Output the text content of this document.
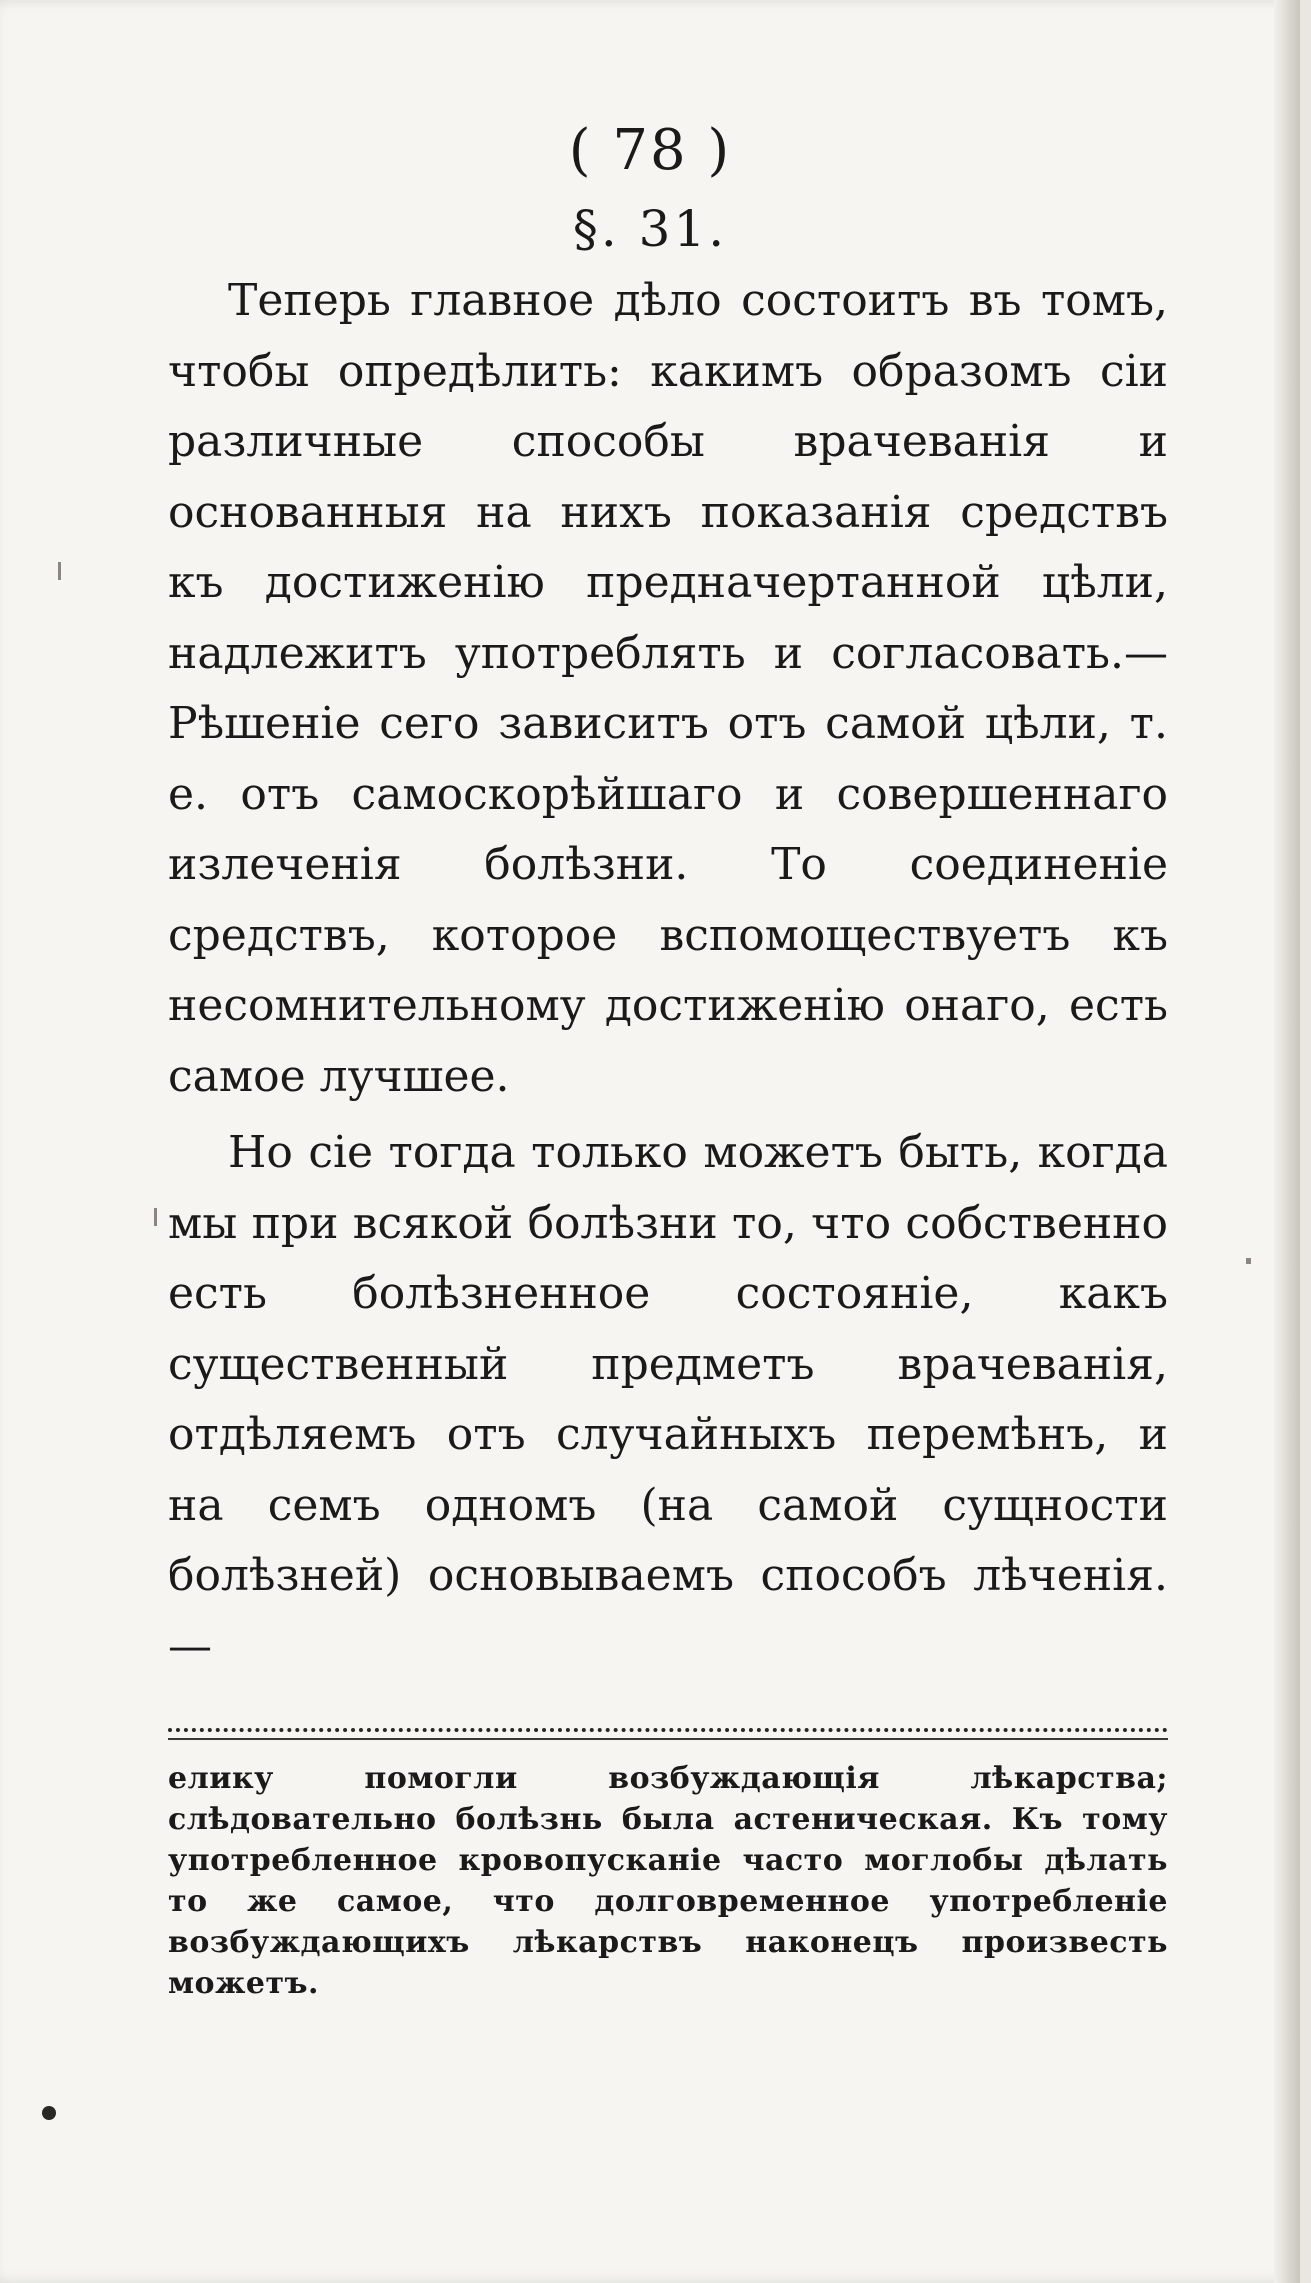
( 78 )
§. 31.

Теперь главное дѣло состоитъ въ томъ, чтобы опредѣлить: какимъ образомъ сіи различные способы врачеванія и основанныя на нихъ показанія средствъ къ достиженію предначертанной цѣли, надлежитъ употреблять и согласовать.—Рѣшеніе сего зависитъ отъ самой цѣли, т. е. отъ самоскорѣйшаго и совершеннаго излеченія болѣзни. То соединеніе средствъ, которое вспомоществуетъ къ несомнительному достиженію онаго, есть самое лучшее.

Но сіе тогда только можетъ быть, когда мы при всякой болѣзни то, что собственно есть болѣзненное состояніе, какъ существенный предметъ врачеванія, отдѣляемъ отъ случайныхъ перемѣнъ, и на семъ одномъ (на самой сущности болѣзней) основываемъ способъ лѣченія.—

елику помогли возбуждающія лѣкарства; слѣдовательно болѣзнь была астеническая. Къ тому употребленное кровопусканіе часто моглобы дѣлать то же самое, что долговременное употребленіе возбуждающихъ лѣкарствъ наконецъ произвесть можетъ.
